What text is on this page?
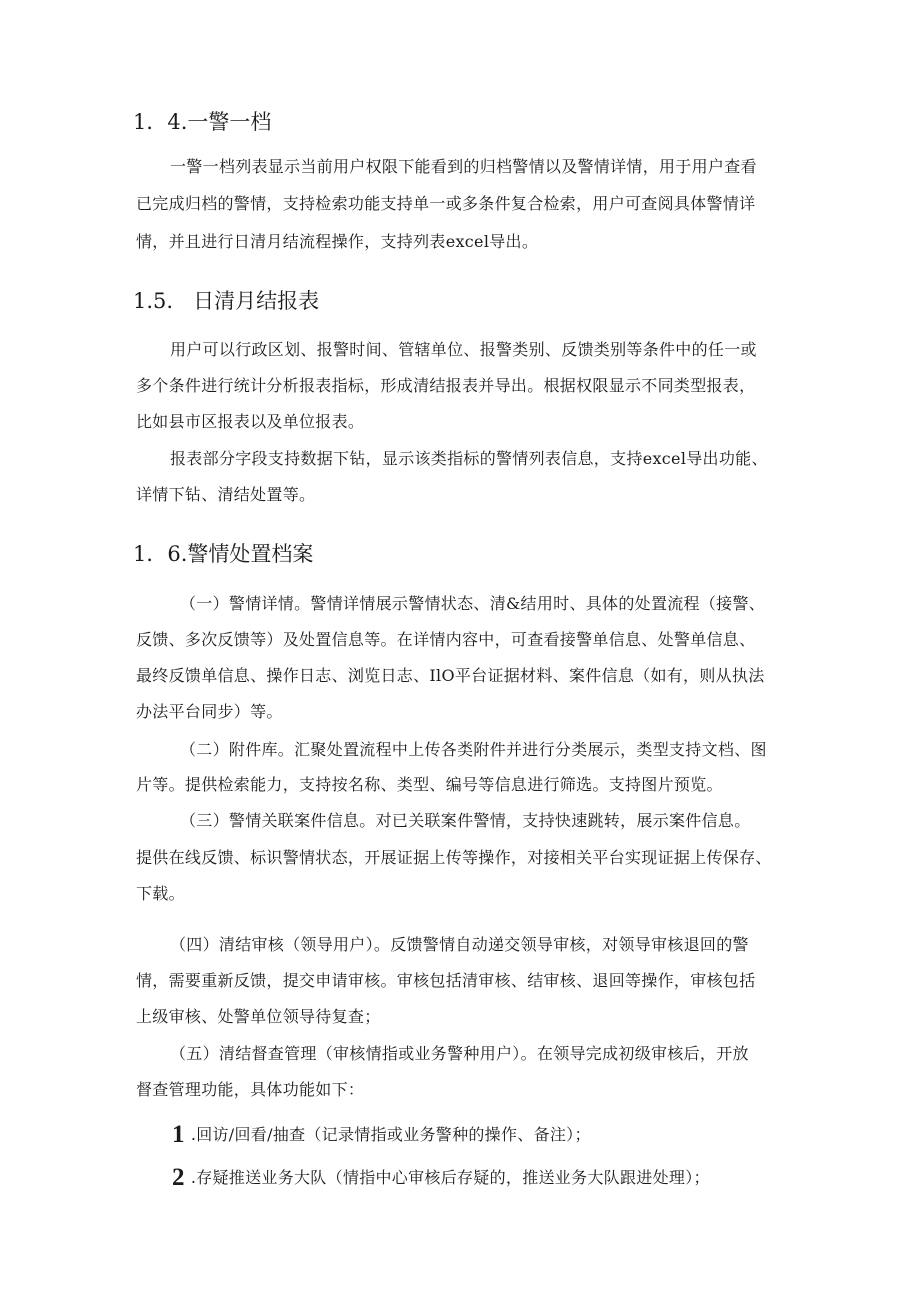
1．4.一警一档
一警一档列表显示当前用户权限下能看到的归档警情以及警情详情，用于用户查看
已完成归档的警情，支持检索功能支持单一或多条件复合检索，用户可查阅具体警情详
情，并且进行日清月结流程操作，支持列表excel导出。
1.5. 日清月结报表
用户可以行政区划、报警时间、管辖单位、报警类别、反馈类别等条件中的任一或
多个条件进行统计分析报表指标，形成清结报表并导出。根据权限显示不同类型报表，
比如县市区报表以及单位报表。
报表部分字段支持数据下钻，显示该类指标的警情列表信息，支持excel导出功能、
详情下钻、清结处置等。
1．6.警情处置档案
（一）警情详情。警情详情展示警情状态、清&结用时、具体的处置流程（接警、
反馈、多次反馈等）及处置信息等。在详情内容中，可查看接警单信息、处警单信息、
最终反馈单信息、操作日志、浏览日志、IlO平台证据材料、案件信息（如有，则从执法
办法平台同步）等。
（二）附件库。汇聚处置流程中上传各类附件并进行分类展示，类型支持文档、图
片等。提供检索能力，支持按名称、类型、编号等信息进行筛选。支持图片预览。
（三）警情关联案件信息。对已关联案件警情，支持快速跳转，展示案件信息。
提供在线反馈、标识警情状态，开展证据上传等操作，对接相关平台实现证据上传保存、
下载。
（四）清结审核（领导用户）。反馈警情自动递交领导审核，对领导审核退回的警
情，需要重新反馈，提交申请审核。审核包括清审核、结审核、退回等操作，审核包括
上级审核、处警单位领导待复查；
（五）清结督查管理（审核情指或业务警种用户）。在领导完成初级审核后，开放
督查管理功能，具体功能如下：
1 .回访/回看/抽查（记录情指或业务警种的操作、备注）；
2 .存疑推送业务大队（情指中心审核后存疑的，推送业务大队跟进处理）；
